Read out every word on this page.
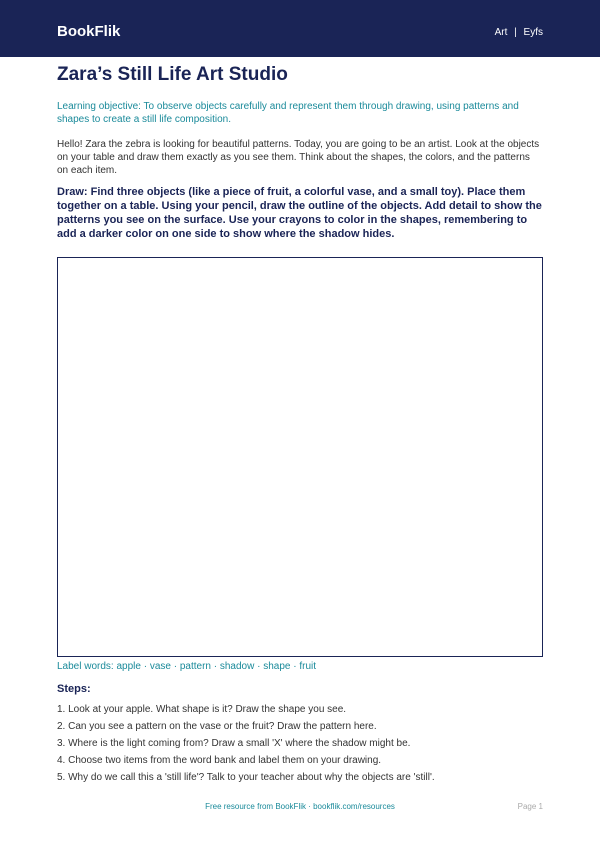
BookFlik	Art | Eyfs
Zara’s Still Life Art Studio
Learning objective: To observe objects carefully and represent them through drawing, using patterns and shapes to create a still life composition.
Hello! Zara the zebra is looking for beautiful patterns. Today, you are going to be an artist. Look at the objects on your table and draw them exactly as you see them. Think about the shapes, the colors, and the patterns on each item.
Draw: Find three objects (like a piece of fruit, a colorful vase, and a small toy). Place them together on a table. Using your pencil, draw the outline of the objects. Add detail to show the patterns you see on the surface. Use your crayons to color in the shapes, remembering to add a darker color on one side to show where the shadow hides.
Label words: apple · vase · pattern · shadow · shape · fruit
Steps:
1. Look at your apple. What shape is it? Draw the shape you see.
2. Can you see a pattern on the vase or the fruit? Draw the pattern here.
3. Where is the light coming from? Draw a small 'X' where the shadow might be.
4. Choose two items from the word bank and label them on your drawing.
5. Why do we call this a 'still life'? Talk to your teacher about why the objects are 'still'.
Free resource from BookFlik · bookflik.com/resources	Page 1
